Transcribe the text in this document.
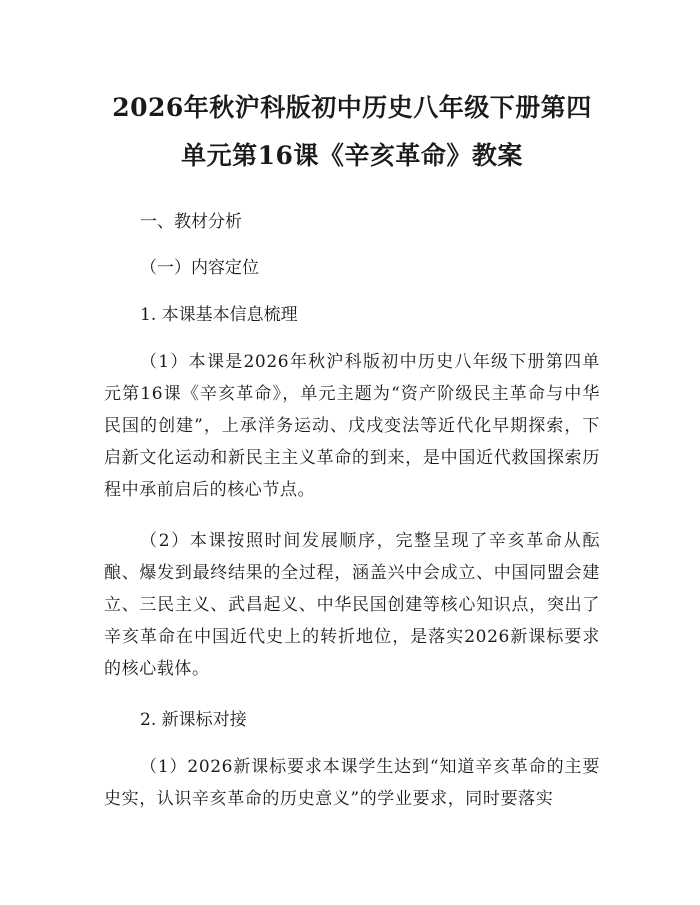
2026年秋沪科版初中历史八年级下册第四单元第16课《辛亥革命》教案
一、教材分析
（一）内容定位
1. 本课基本信息梳理
（1）本课是2026年秋沪科版初中历史八年级下册第四单元第16课《辛亥革命》，单元主题为“资产阶级民主革命与中华民国的创建”，上承洋务运动、戊戌变法等近代化早期探索，下启新文化运动和新民主主义革命的到来，是中国近代救国探索历程中承前启后的核心节点。
（2）本课按照时间发展顺序，完整呈现了辛亥革命从酝酿、爆发到最终结果的全过程，涵盖兴中会成立、中国同盟会建立、三民主义、武昌起义、中华民国创建等核心知识点，突出了辛亥革命在中国近代史上的转折地位，是落实2026新课标要求的核心载体。
2. 新课标对接
（1）2026新课标要求本课学生达到“知道辛亥革命的主要史实，认识辛亥革命的历史意义”的学业要求，同时要落实
